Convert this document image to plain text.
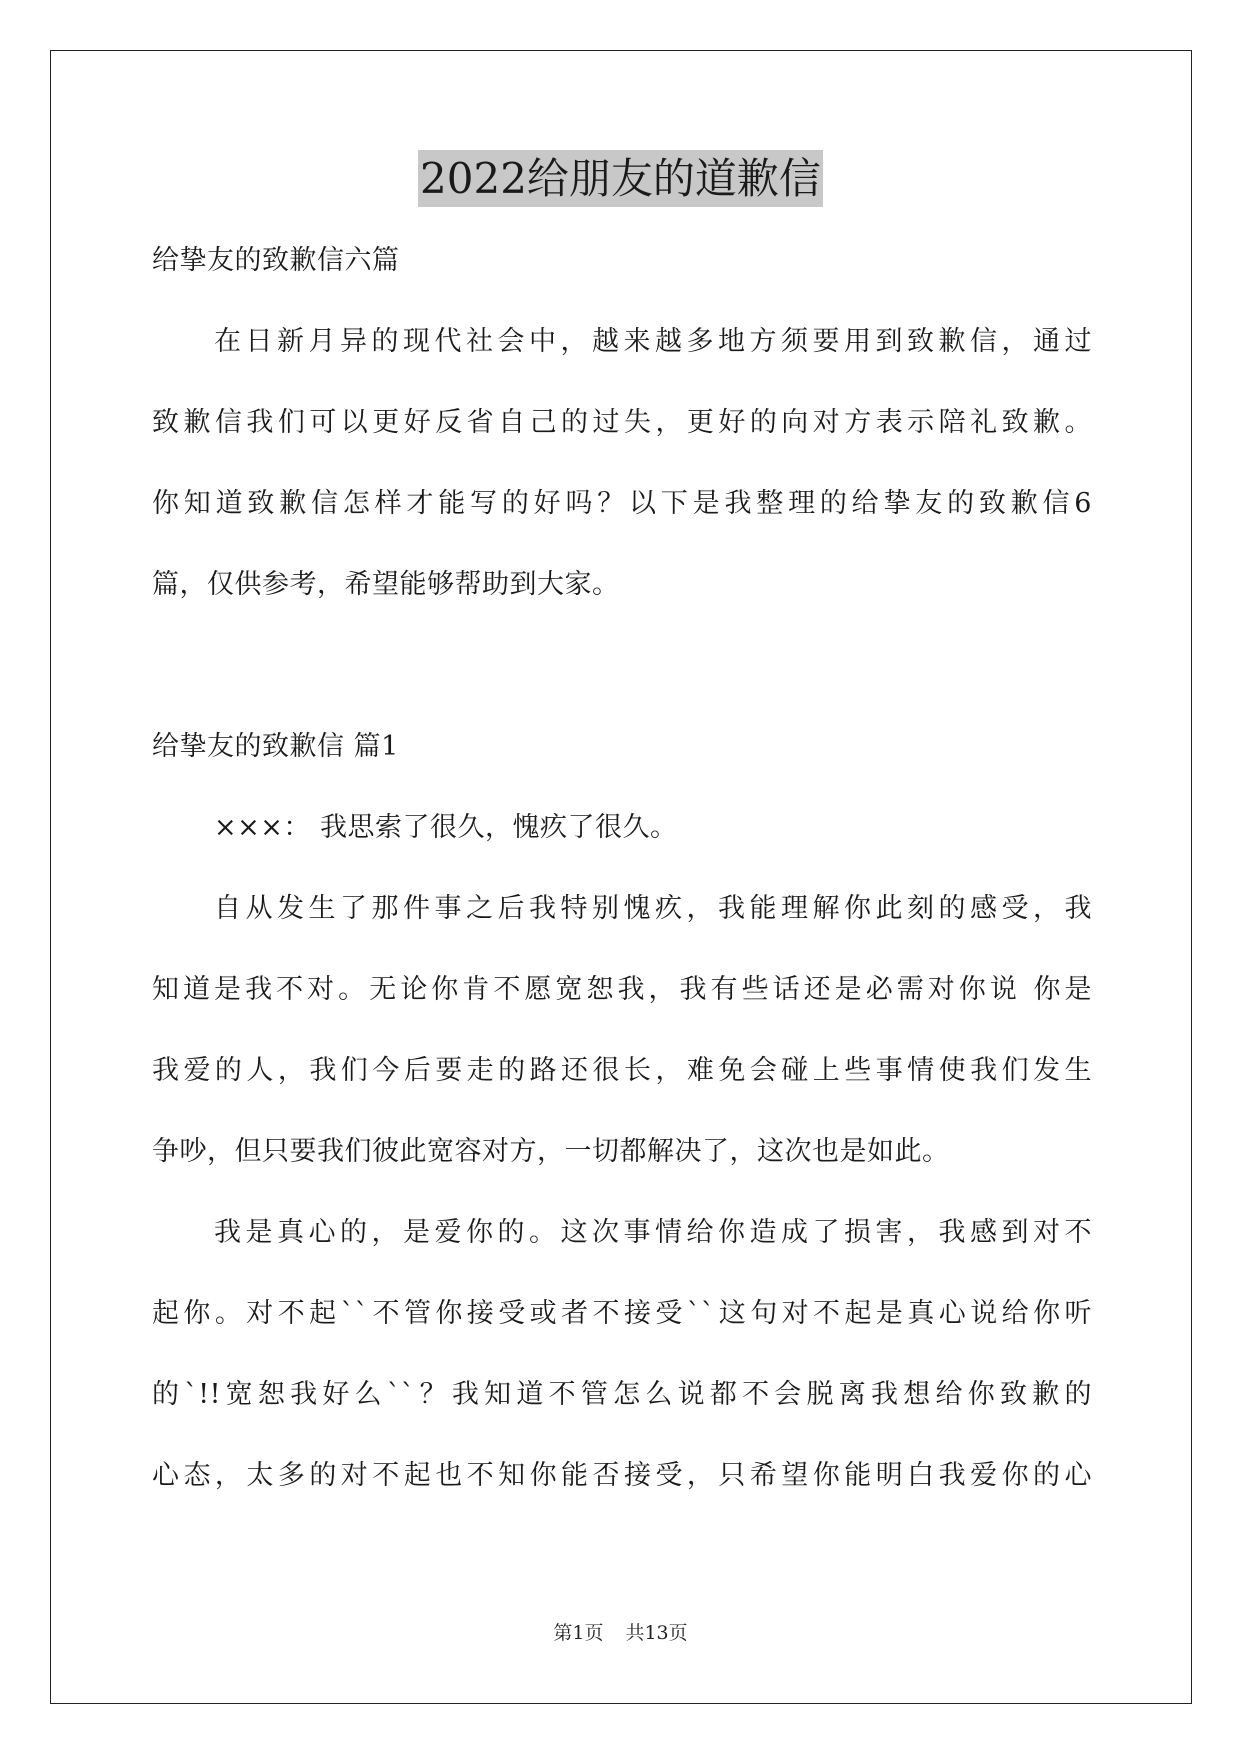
2022给朋友的道歉信
给挚友的致歉信六篇
在日新月异的现代社会中，越来越多地方须要用到致歉信，通过
致歉信我们可以更好反省自己的过失，更好的向对方表示陪礼致歉。
你知道致歉信怎样才能写的好吗？以下是我整理的给挚友的致歉信6
篇，仅供参考，希望能够帮助到大家。
给挚友的致歉信 篇1
×××： 我思索了很久，愧疚了很久。
自从发生了那件事之后我特别愧疚，我能理解你此刻的感受，我
知道是我不对。无论你肯不愿宽恕我，我有些话还是必需对你说 你是
我爱的人，我们今后要走的路还很长，难免会碰上些事情使我们发生
争吵，但只要我们彼此宽容对方，一切都解决了，这次也是如此。
我是真心的，是爱你的。这次事情给你造成了损害，我感到对不
起你。对不起``不管你接受或者不接受``这句对不起是真心说给你听
的`!!宽恕我好么``？我知道不管怎么说都不会脱离我想给你致歉的
心态，太多的对不起也不知你能否接受，只希望你能明白我爱你的心
第1页 共13页
